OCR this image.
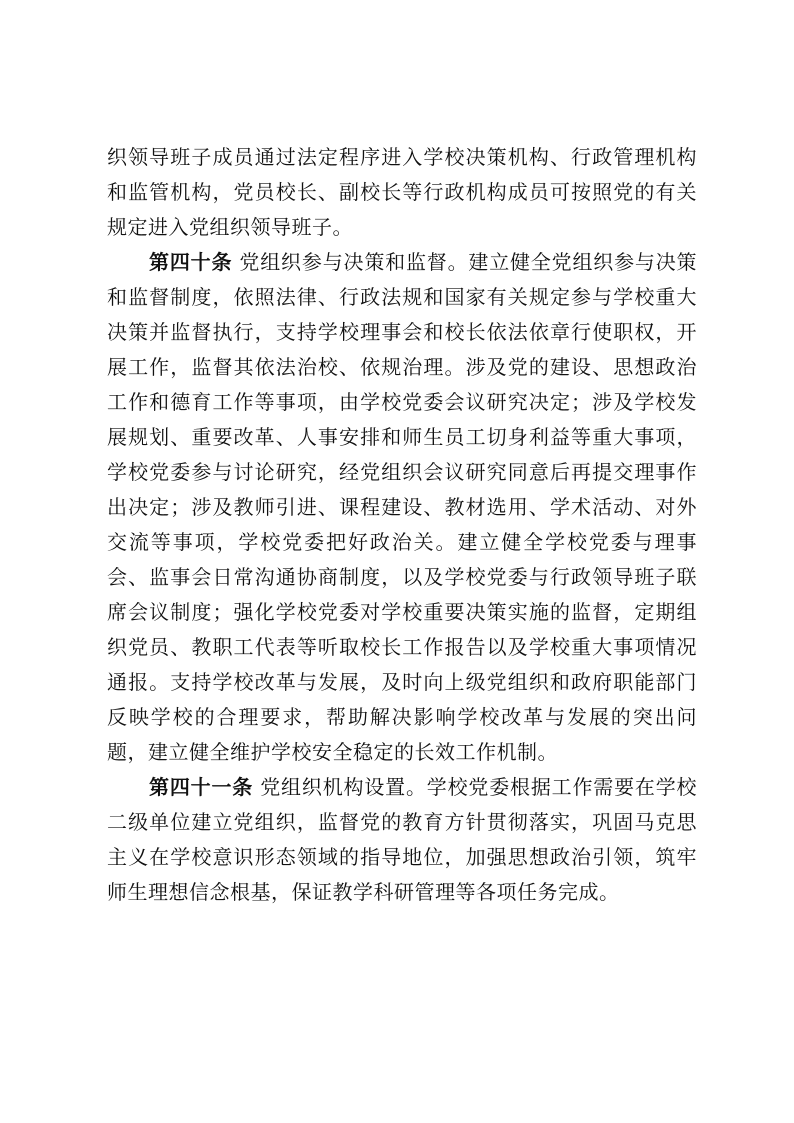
织领导班子成员通过法定程序进入学校决策机构、行政管理机构和监管机构，党员校长、副校长等行政机构成员可按照党的有关规定进入党组织领导班子。

第四十条 党组织参与决策和监督。建立健全党组织参与决策和监督制度，依照法律、行政法规和国家有关规定参与学校重大决策并监督执行，支持学校理事会和校长依法依章行使职权，开展工作，监督其依法治校、依规治理。涉及党的建设、思想政治工作和德育工作等事项，由学校党委会议研究决定；涉及学校发展规划、重要改革、人事安排和师生员工切身利益等重大事项，学校党委参与讨论研究，经党组织会议研究同意后再提交理事作出决定；涉及教师引进、课程建设、教材选用、学术活动、对外交流等事项，学校党委把好政治关。建立健全学校党委与理事会、监事会日常沟通协商制度，以及学校党委与行政领导班子联席会议制度；强化学校党委对学校重要决策实施的监督，定期组织党员、教职工代表等听取校长工作报告以及学校重大事项情况通报。支持学校改革与发展，及时向上级党组织和政府职能部门反映学校的合理要求，帮助解决影响学校改革与发展的突出问题，建立健全维护学校安全稳定的长效工作机制。

第四十一条 党组织机构设置。学校党委根据工作需要在学校二级单位建立党组织，监督党的教育方针贯彻落实，巩固马克思主义在学校意识形态领域的指导地位，加强思想政治引领，筑牢师生理想信念根基，保证教学科研管理等各项任务完成。
